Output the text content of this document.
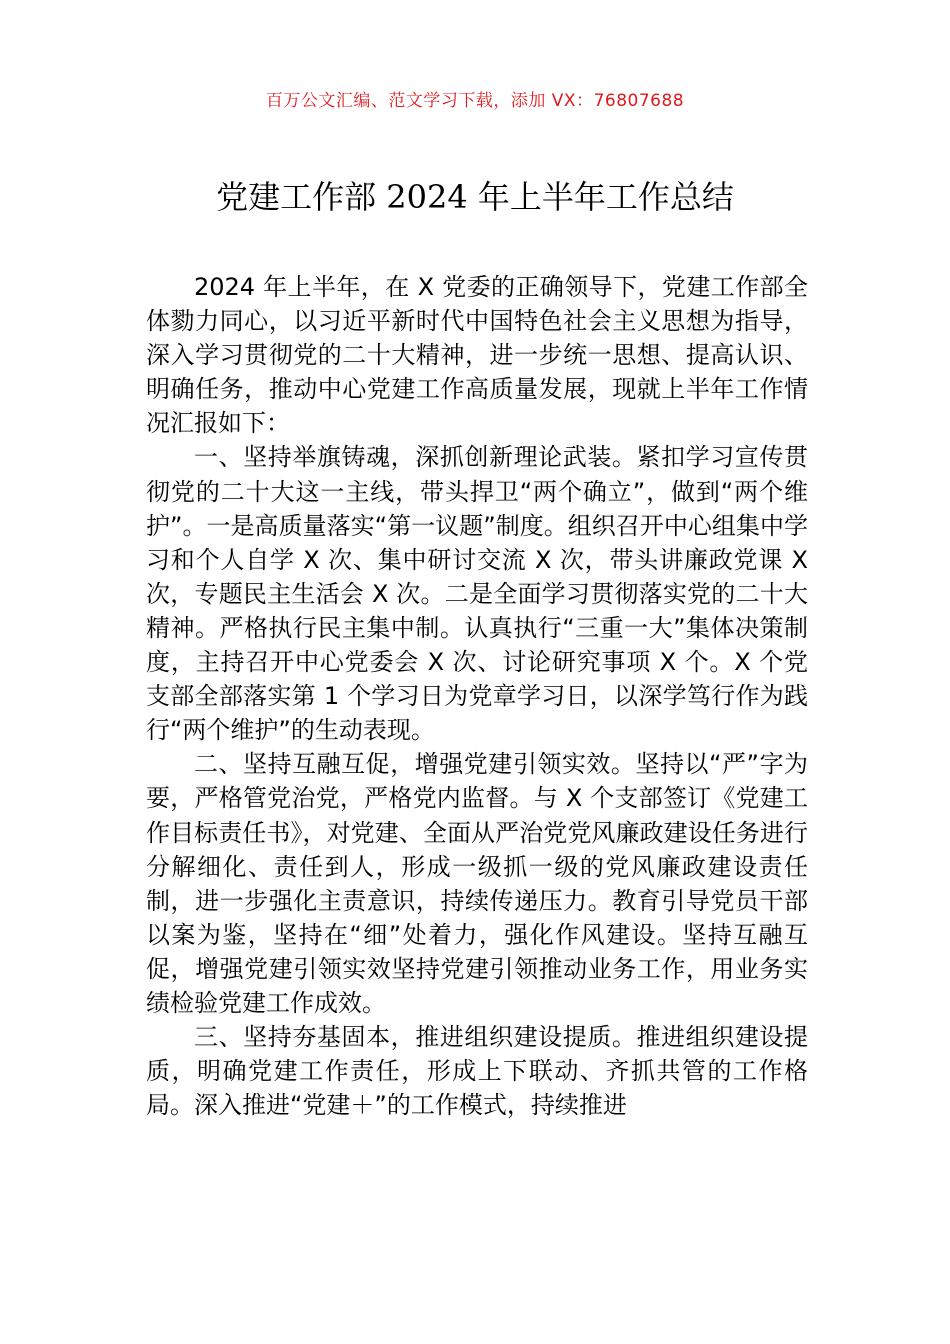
百万公文汇编、范文学习下载，添加 VX：76807688
党建工作部 2024 年上半年工作总结

2024 年上半年，在 X 党委的正确领导下，党建工作部全体勠力同心，以习近平新时代中国特色社会主义思想为指导，深入学习贯彻党的二十大精神，进一步统一思想、提高认识、明确任务，推动中心党建工作高质量发展，现就上半年工作情况汇报如下：

一、坚持举旗铸魂，深抓创新理论武装。紧扣学习宣传贯彻党的二十大这一主线，带头捍卫“两个确立”，做到“两个维护”。一是高质量落实“第一议题”制度。组织召开中心组集中学习和个人自学 X 次、集中研讨交流 X 次，带头讲廉政党课 X 次，专题民主生活会 X 次。二是全面学习贯彻落实党的二十大精神。严格执行民主集中制。认真执行“三重一大”集体决策制度，主持召开中心党委会 X 次、讨论研究事项 X 个。X 个党支部全部落实第 1 个学习日为党章学习日，以深学笃行作为践行“两个维护”的生动表现。

二、坚持互融互促，增强党建引领实效。坚持以“严”字为要，严格管党治党，严格党内监督。与 X 个支部签订《党建工作目标责任书》，对党建、全面从严治党党风廉政建设任务进行分解细化、责任到人，形成一级抓一级的党风廉政建设责任制，进一步强化主责意识，持续传递压力。教育引导党员干部以案为鉴，坚持在“细”处着力，强化作风建设。坚持互融互促，增强党建引领实效坚持党建引领推动业务工作，用业务实绩检验党建工作成效。

三、坚持夯基固本，推进组织建设提质。推进组织建设提质，明确党建工作责任，形成上下联动、齐抓共管的工作格局。深入推进“党建＋”的工作模式，持续推进
